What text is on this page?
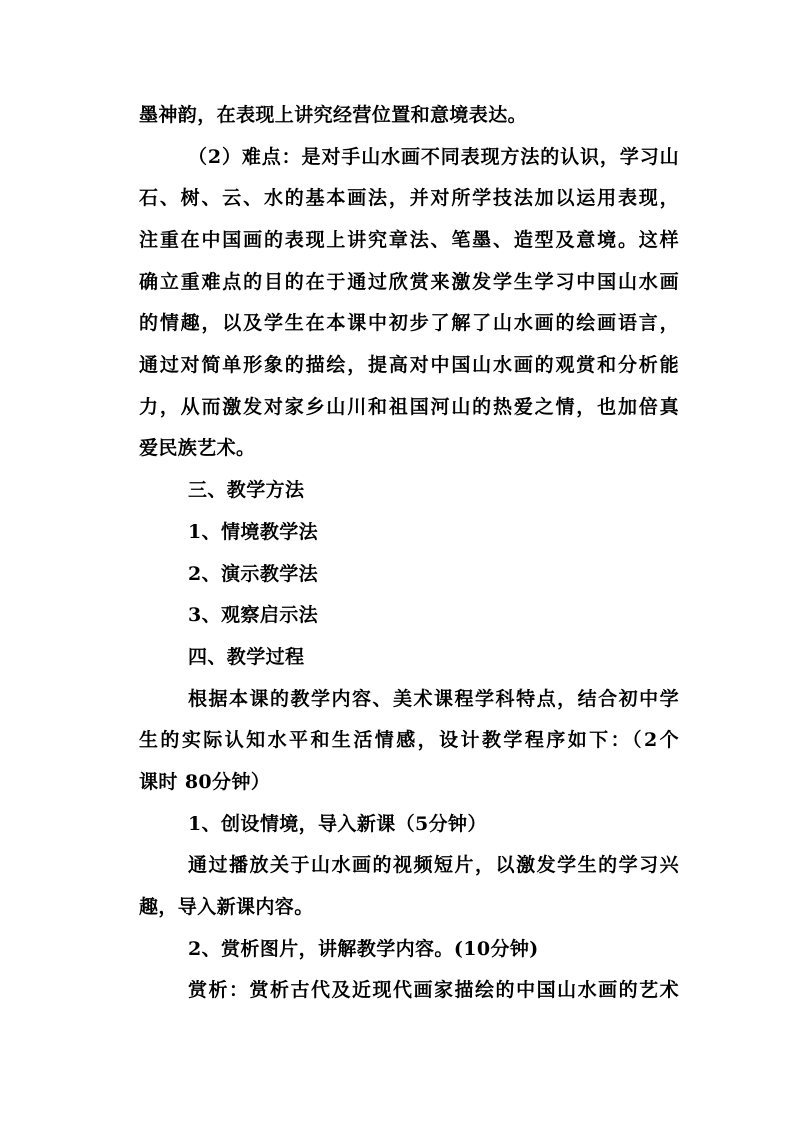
墨神韵，在表现上讲究经营位置和意境表达。
（2）难点：是对手山水画不同表现方法的认识，学习山
石、树、云、水的基本画法，并对所学技法加以运用表现，
注重在中国画的表现上讲究章法、笔墨、造型及意境。这样
确立重难点的目的在于通过欣赏来激发学生学习中国山水画
的情趣，以及学生在本课中初步了解了山水画的绘画语言，
通过对简单形象的描绘，提高对中国山水画的观赏和分析能
力，从而激发对家乡山川和祖国河山的热爱之情，也加倍真
爱民族艺术。
三、教学方法
1、情境教学法
2、演示教学法
3、观察启示法
四、教学过程
根据本课的教学内容、美术课程学科特点，结合初中学
生的实际认知水平和生活情感，设计教学程序如下：（2个
课时 80分钟）
1、创设情境，导入新课（5分钟）
通过播放关于山水画的视频短片，以激发学生的学习兴
趣，导入新课内容。
2、赏析图片，讲解教学内容。(10分钟)
赏析：赏析古代及近现代画家描绘的中国山水画的艺术
